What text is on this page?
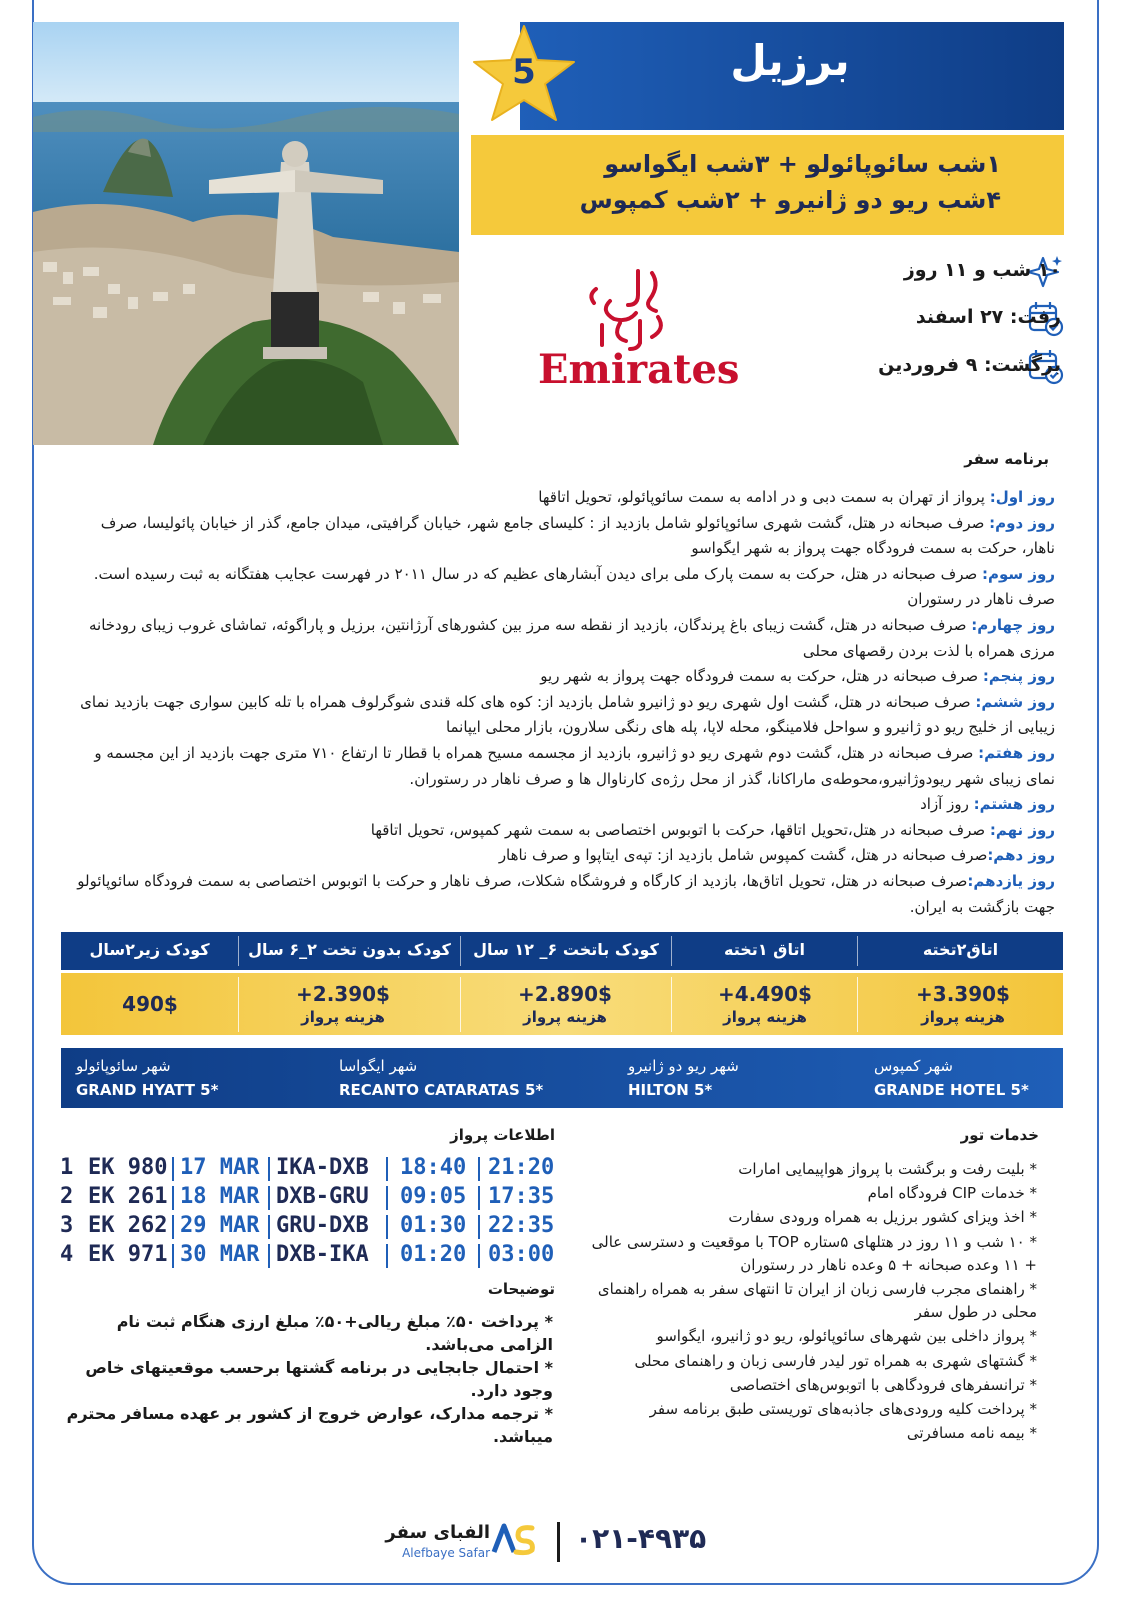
برزیل
5
۱شب سائوپائولو + ۳شب ایگواسو
۴شب ریو دو ژانیرو + ۲شب کمپوس
۱۰ شب و ۱۱ روز
رفت: ۲۷ اسفند
برگشت: ۹ فروردین
Emirates
برنامه سفر

روز اول: پرواز از تهران به سمت دبی و در ادامه به سمت سائوپائولو، تحویل اتاقها

روز دوم: صرف صبحانه در هتل، گشت شهری سائوپائولو شامل بازدید از : کلیسای جامع شهر، خیابان گرافیتی، میدان جامع، گذر از خیابان پائولیسا، صرف ناهار، حرکت به سمت فرودگاه جهت پرواز به شهر ایگواسو

روز سوم: صرف صبحانه در هتل، حرکت به سمت پارک ملی برای دیدن آبشارهای عظیم که در سال ۲۰۱۱ در فهرست عجایب هفتگانه به ثبت رسیده است. صرف ناهار در رستوران

روز چهارم: صرف صبحانه در هتل، گشت زیبای باغ پرندگان، بازدید از نقطه سه مرز بین کشورهای آرژانتین، برزیل و پاراگوئه، تماشای غروب زیبای رودخانه مرزی همراه با لذت بردن رقصهای محلی

روز پنجم: صرف صبحانه در هتل، حرکت به سمت فرودگاه جهت پرواز به شهر ریو

روز ششم: صرف صبحانه در هتل، گشت اول شهری ریو دو ژانیرو شامل بازدید از: کوه های کله قندی شوگرلوف همراه با تله کابین سواری جهت بازدید نمای زیبایی از خلیج ریو دو ژانیرو و سواحل فلامینگو، محله لاپا، پله های رنگی سلارون، بازار محلی ایپانما

روز هفتم: صرف صبحانه در هتل، گشت دوم شهری ریو دو ژانیرو، بازدید از مجسمه مسیح همراه با قطار تا ارتفاع ۷۱۰ متری جهت بازدید از این مجسمه و نمای زیبای شهر ریودوژانیرو،محوطه‌ی ماراکانا، گذر از محل رژه‌ی کارناوال ها و صرف ناهار در رستوران.

روز هشتم: روز آزاد

روز نهم: صرف صبحانه در هتل،تحویل اتاقها، حرکت با اتوبوس اختصاصی به سمت شهر کمپوس، تحویل اتاقها

روز دهم:صرف صبحانه در هتل، گشت کمپوس شامل بازدید از: تپه‌ی ایتاپوا و صرف ناهار

روز یازدهم:صرف صبحانه در هتل، تحویل اتاق‌ها، بازدید از کارگاه و فروشگاه شکلات، صرف ناهار و حرکت با اتوبوس اختصاصی به سمت فرودگاه سائوپائولو جهت بازگشت به ایران.

اتاق۲تخته
اتاق ۱تخته
کودک باتخت ۶_ ۱۲ سال
کودک بدون تخت ۲_۶ سال
کودک زیر۲سال
3.390$+
هزینه پرواز
4.490$+
هزینه پرواز
2.890$+
هزینه پرواز
2.390$+
هزینه پرواز
490$
شهر کمپوس
GRANDE HOTEL 5*
شهر ریو دو ژانیرو
HILTON 5*
شهر ایگواسا
RECANTO CATARATAS 5*
شهر سائوپائولو
GRAND HYATT 5*
خدمات تور

* بلیت رفت و برگشت با پرواز هواپیمایی امارات

* خدمات CIP فرودگاه امام

* اخذ ویزای کشور برزیل به همراه ورودی سفارت

* ۱۰ شب و ۱۱ روز در هتلهای ۵ستاره TOP با موقعیت و دسترسی عالی + ۱۱ وعده صبحانه + ۵ وعده ناهار در رستوران

* راهنمای مجرب فارسی زبان از ایران تا انتهای سفر به همراه راهنمای محلی در طول سفر

* پرواز داخلی بین شهرهای سائوپائولو، ریو دو ژانیرو، ایگواسو

* گشتهای شهری به همراه تور لیدر فارسی زبان و راهنمای محلی

* ترانسفرهای فرودگاهی با اتوبوس‌های اختصاصی

* پرداخت کلیه ورودی‌های جاذبه‌های توریستی طبق برنامه سفر

* بیمه نامه مسافرتی

اطلاعات پرواز
1 EK 980 17 MAR IKA-DXB 18:40 21:20
2 EK 261 18 MAR DXB-GRU 09:05 17:35
3 EK 262 29 MAR GRU-DXB 01:30 22:35
4 EK 971 30 MAR DXB-IKA 01:20 03:00
توضیحات

* پرداخت ۵۰٪ مبلغ ریالی+۵۰٪ مبلغ ارزی هنگام ثبت نام الزامی می‌باشد.

* احتمال جابجایی در برنامه گشتها برحسب موقعیتهای خاص وجود دارد.

* ترجمه مدارک، عوارض خروج از کشور بر عهده مسافر محترم میباشد.

الفبای سفر
Alefbaye Safar	۰۲۱-۴۹۳۵
